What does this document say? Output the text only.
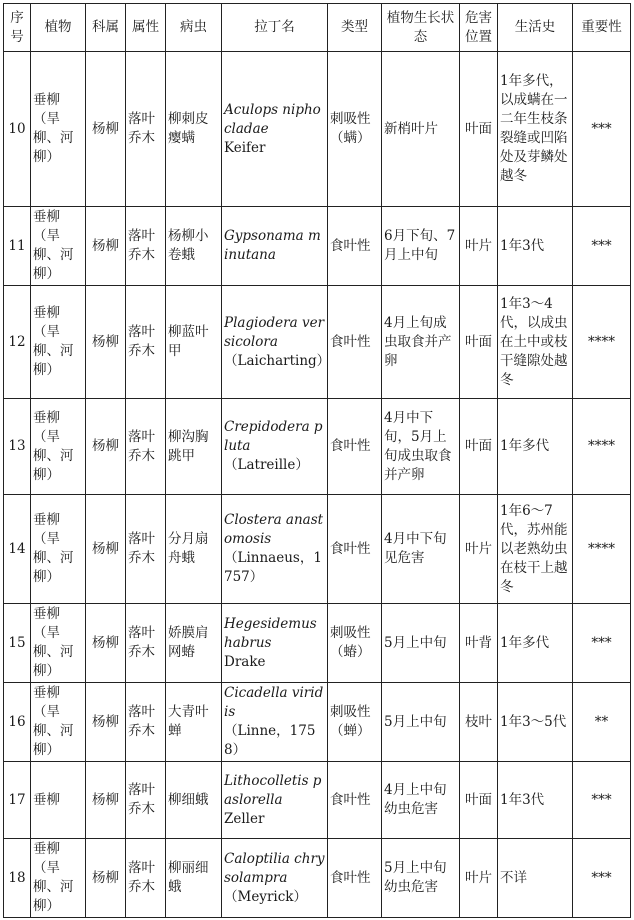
序号	植物	科属	属性	病虫	拉丁名	类型	植物生长状态	危害位置	生活史	重要性
10	垂柳（旱柳、河柳）	杨柳	落叶乔木	柳刺皮瘿螨	Aculops niphocladae
Keifer	刺吸性（螨）	新梢叶片	叶面	1年多代，以成螨在一二年生枝条裂缝或凹陷处及芽鳞处越冬	***
11	垂柳（旱柳、河柳）	杨柳	落叶乔木	杨柳小卷蛾	Gypsonama minutana	食叶性	6月下旬、7月上中旬	叶片	1年3代	***
12	垂柳（旱柳、河柳）	杨柳	落叶乔木	柳蓝叶甲	Plagiodera versicolora
（Laicharting）	食叶性	4月上旬成虫取食并产卵	叶面	1年3～4代，以成虫在土中或枝干缝隙处越冬	****
13	垂柳（旱柳、河柳）	杨柳	落叶乔木	柳沟胸跳甲	Crepidodera pluta
（Latreille）	食叶性	4月中下旬，5月上旬成虫取食并产卵	叶面	1年多代	****
14	垂柳（旱柳、河柳）	杨柳	落叶乔木	分月扇舟蛾	Clostera anastomosis
（Linnaeus，1757）	食叶性	4月中下旬见危害	叶片	1年6～7代，苏州能以老熟幼虫在枝干上越冬	****
15	垂柳（旱柳、河柳）	杨柳	落叶乔木	娇膜肩网蝽	Hegesidemus habrus
Drake	刺吸性（蝽）	5月上中旬	叶背	1年多代	***
16	垂柳（旱柳、河柳）	杨柳	落叶乔木	大青叶蝉	Cicadella viridis
（Linne，1758）	刺吸性（蝉）	5月上中旬	枝叶	1年3～5代	**
17	垂柳	杨柳	落叶乔木	柳细蛾	Lithocolletis paslorella
Zeller	食叶性	4月上中旬幼虫危害	叶面	1年3代	***
18	垂柳（旱柳、河柳）	杨柳	落叶乔木	柳丽细蛾	Caloptilia chrysolampra
（Meyrick）	食叶性	5月上中旬幼虫危害	叶片	不详	***
